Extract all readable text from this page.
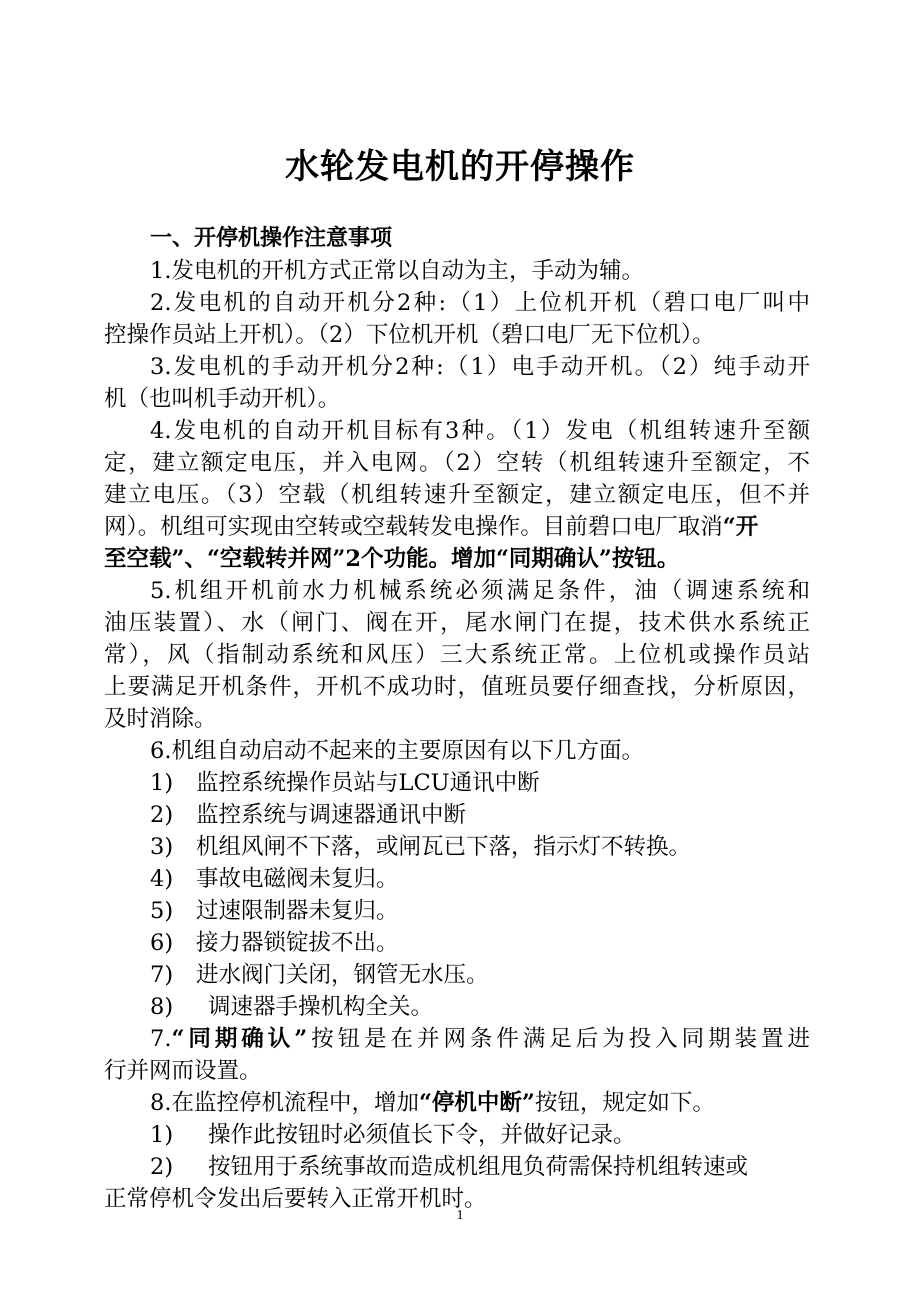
水轮发电机的开停操作
一、开停机操作注意事项
1.发电机的开机方式正常以自动为主，手动为辅。
2.发电机的自动开机分2种:（1）上位机开机（碧口电厂叫中
控操作员站上开机）。（2）下位机开机（碧口电厂无下位机）。
3.发电机的手动开机分2种:（1）电手动开机。（2）纯手动开
机（也叫机手动开机）。
4.发电机的自动开机目标有3种。（1）发电（机组转速升至额
定，建立额定电压，并入电网。（2）空转（机组转速升至额定，不
建立电压。（3）空载（机组转速升至额定，建立额定电压，但不并
网）。机组可实现由空转或空载转发电操作。目前碧口电厂取消“开
至空载”、“空载转并网”2个功能。增加“同期确认”按钮。
5.机组开机前水力机械系统必须满足条件，油（调速系统和
油压装置）、水（闸门、阀在开，尾水闸门在提，技术供水系统正
常），风（指制动系统和风压）三大系统正常。上位机或操作员站
上要满足开机条件，开机不成功时，值班员要仔细查找，分析原因，
及时消除。
6.机组自动启动不起来的主要原因有以下几方面。
1) 监控系统操作员站与LCU通讯中断
2) 监控系统与调速器通讯中断
3) 机组风闸不下落，或闸瓦已下落，指示灯不转换。
4) 事故电磁阀未复归。
5) 过速限制器未复归。
6) 接力器锁锭拔不出。
7) 进水阀门关闭，钢管无水压。
8) 调速器手操机构全关。
7.“同期确认”按钮是在并网条件满足后为投入同期装置进
行并网而设置。
8.在监控停机流程中，增加“停机中断”按钮，规定如下。
1) 操作此按钮时必须值长下令，并做好记录。
2) 按钮用于系统事故而造成机组甩负荷需保持机组转速或
正常停机令发出后要转入正常开机时。
1
